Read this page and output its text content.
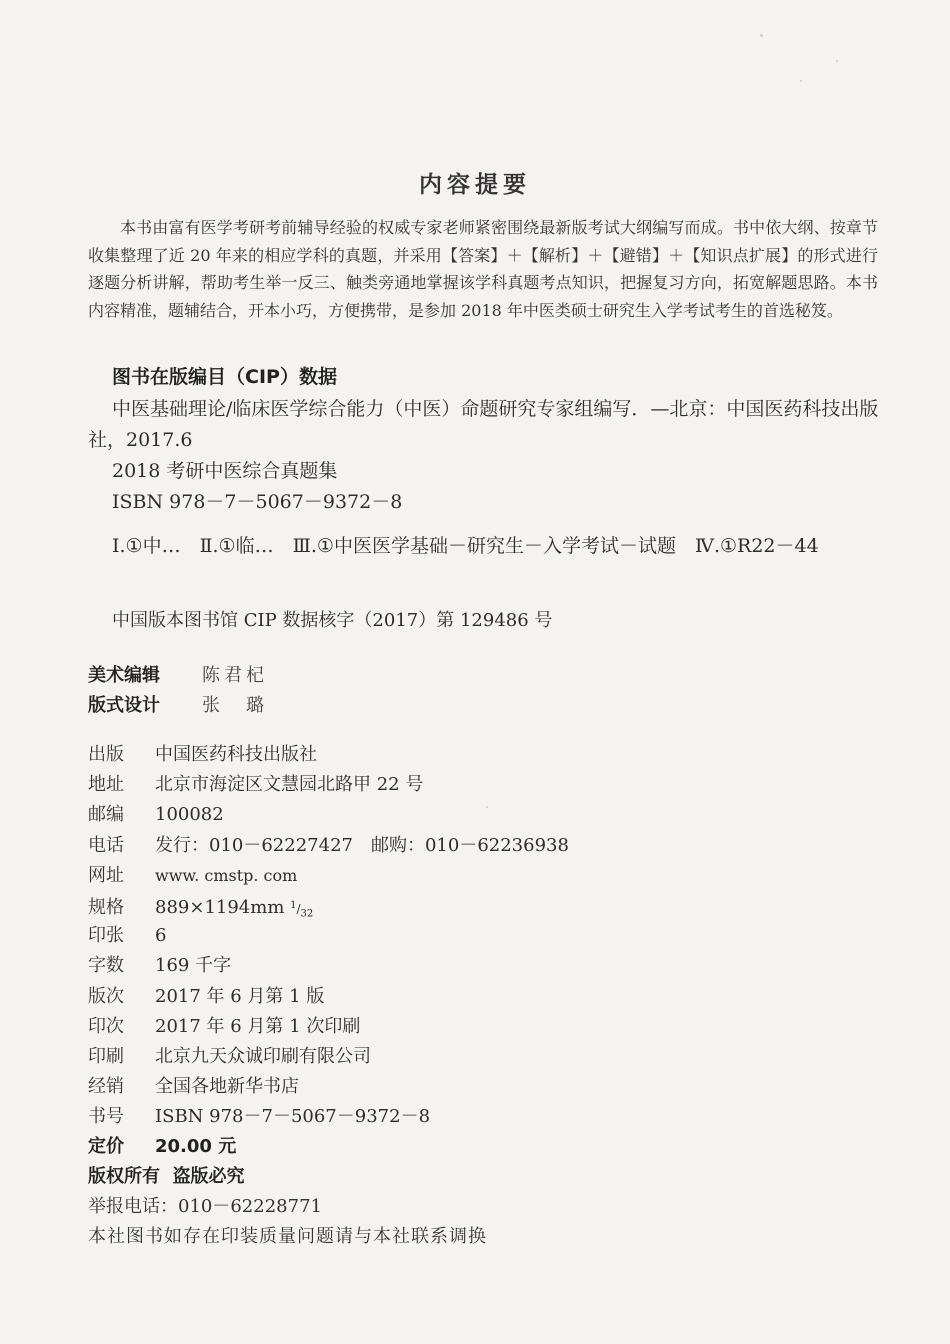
内容提要

本书由富有医学考研考前辅导经验的权威专家老师紧密围绕最新版考试大纲编写而成。书中依大纲、按章节收集整理了近 20 年来的相应学科的真题，并采用【答案】＋【解析】＋【避错】＋【知识点扩展】的形式进行逐题分析讲解，帮助考生举一反三、触类旁通地掌握该学科真题考点知识，把握复习方向，拓宽解题思路。本书内容精准，题辅结合，开本小巧，方便携带，是参加 2018 年中医类硕士研究生入学考试考生的首选秘笈。

图书在版编目（CIP）数据
中医基础理论/临床医学综合能力（中医）命题研究专家组编写．—北京：中国医药科技出版社，2017.6
2018 考研中医综合真题集
ISBN 978－7－5067－9372－8
Ⅰ.①中…　Ⅱ.①临…　Ⅲ.①中医医学基础－研究生－入学考试－试题　Ⅳ.①R22－44
中国版本图书馆 CIP 数据核字（2017）第 129486 号
美术编辑 陈君杞
版式设计 张　璐
出版 中国医药科技出版社
地址 北京市海淀区文慧园北路甲 22 号
邮编 100082
电话 发行：010－62227427　邮购：010－62236938
网址 www. cmstp. com
规格 889×1194mm $^1/_{32}$
印张 6
字数 169 千字
版次 2017 年 6 月第 1 版
印次 2017 年 6 月第 1 次印刷
印刷 北京九天众诚印刷有限公司
经销 全国各地新华书店
书号 ISBN 978－7－5067－9372－8
定价 20.00 元
版权所有 盗版必究
举报电话：010－62228771
本社图书如存在印装质量问题请与本社联系调换
